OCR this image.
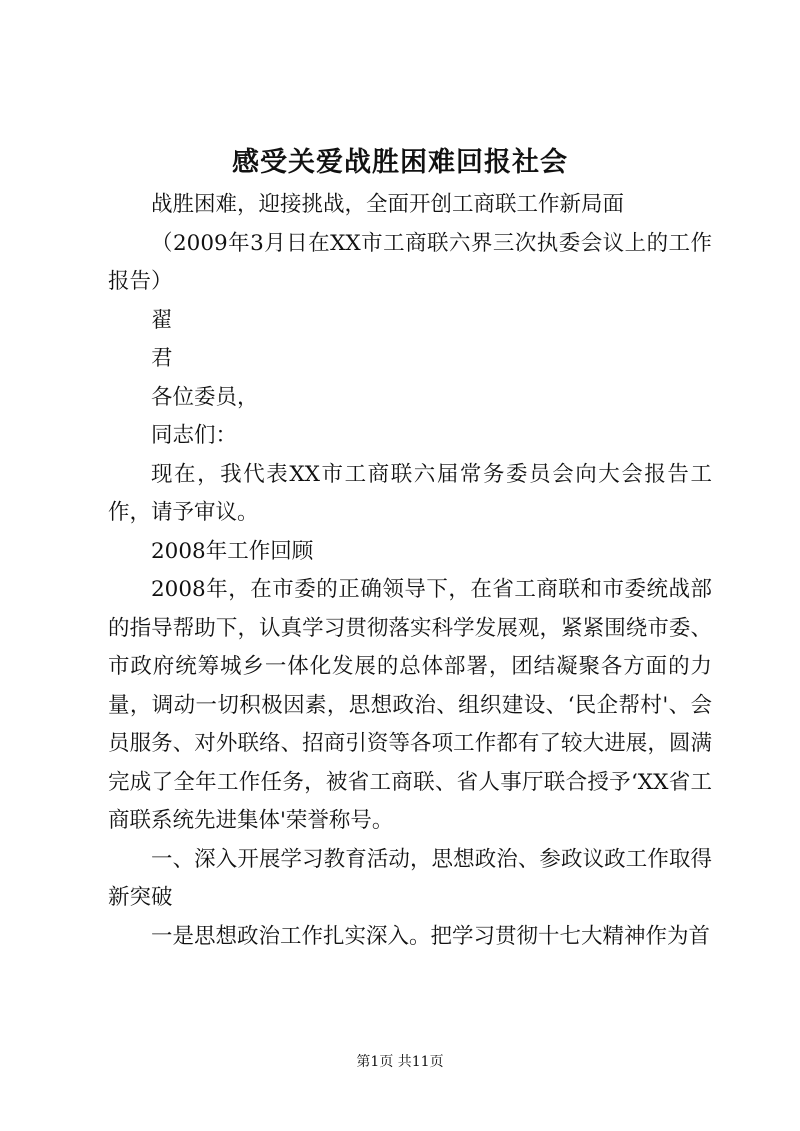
感受关爱战胜困难回报社会

战胜困难，迎接挑战，全面开创工商联工作新局面

（2009年3月日在XX市工商联六界三次执委会议上的工作报告）

翟

君

各位委员，

同志们：

现在，我代表XX市工商联六届常务委员会向大会报告工作，请予审议。

2008年工作回顾

2008年，在市委的正确领导下，在省工商联和市委统战部的指导帮助下，认真学习贯彻落实科学发展观，紧紧围绕市委、市政府统筹城乡一体化发展的总体部署，团结凝聚各方面的力量，调动一切积极因素，思想政治、组织建设、‘民企帮村'、会员服务、对外联络、招商引资等各项工作都有了较大进展，圆满完成了全年工作任务，被省工商联、省人事厅联合授予‘XX省工商联系统先进集体'荣誉称号。

一、深入开展学习教育活动，思想政治、参政议政工作取得新突破

一是思想政治工作扎实深入。把学习贯彻十七大精神作为首

第1页 共11页
